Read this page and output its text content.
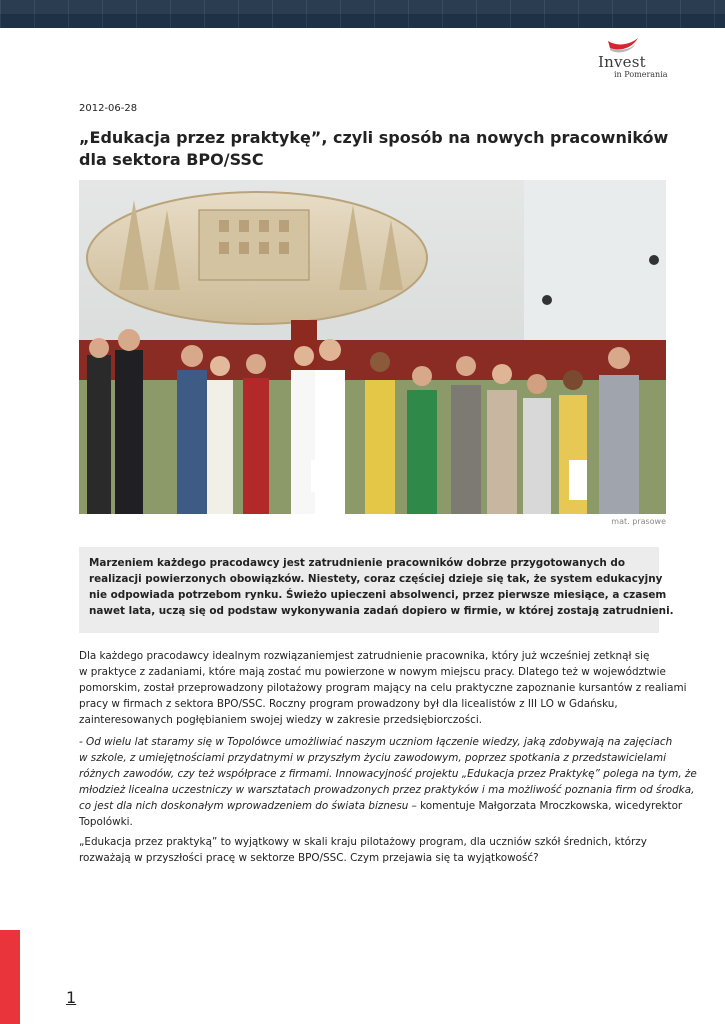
Invest
in Pomerania
2012-06-28
„Edukacja przez praktykę”, czyli sposób na nowych pracowników dla sektora BPO/SSC
mat. prasowe
Marzeniem każdego pracodawcy jest zatrudnienie pracowników dobrze przygotowanych do
realizacji powierzonych obowiązków. Niestety, coraz częściej dzieje się tak, że system edukacyjny
nie odpowiada potrzebom rynku. Świeżo upieczeni absolwenci, przez pierwsze miesiące, a czasem
nawet lata, uczą się od podstaw wykonywania zadań dopiero w firmie, w której zostają zatrudnieni.
Dla każdego pracodawcy idealnym rozwiązaniemjest zatrudnienie pracownika, który już wcześniej zetknął się
w praktyce z zadaniami, które mają zostać mu powierzone w nowym miejscu pracy. Dlatego też w województwie
pomorskim, został przeprowadzony pilotażowy program mający na celu praktyczne zapoznanie kursantów z realiami
pracy w firmach z sektora BPO/SSC. Roczny program prowadzony był dla licealistów z III LO w Gdańsku,
zainteresowanych pogłębianiem swojej wiedzy w zakresie przedsiębiorczości.
- Od wielu lat staramy się w Topolówce umożliwiać naszym uczniom łączenie wiedzy, jaką zdobywają na zajęciach
w szkole, z umiejętnościami przydatnymi w przyszłym życiu zawodowym, poprzez spotkania z przedstawicielami
różnych zawodów, czy też współprace z firmami. Innowacyjność projektu „Edukacja przez Praktykę” polega na tym, że
młodzież licealna uczestniczy w warsztatach prowadzonych przez praktyków i ma możliwość poznania firm od środka,
co jest dla nich doskonałym wprowadzeniem do świata biznesu – komentuje Małgorzata Mroczkowska, wicedyrektor
Topolówki.
„Edukacja przez praktyką” to wyjątkowy w skali kraju pilotażowy program, dla uczniów szkół średnich, którzy
rozważają w przyszłości pracę w sektorze BPO/SSC. Czym przejawia się ta wyjątkowość?
1
